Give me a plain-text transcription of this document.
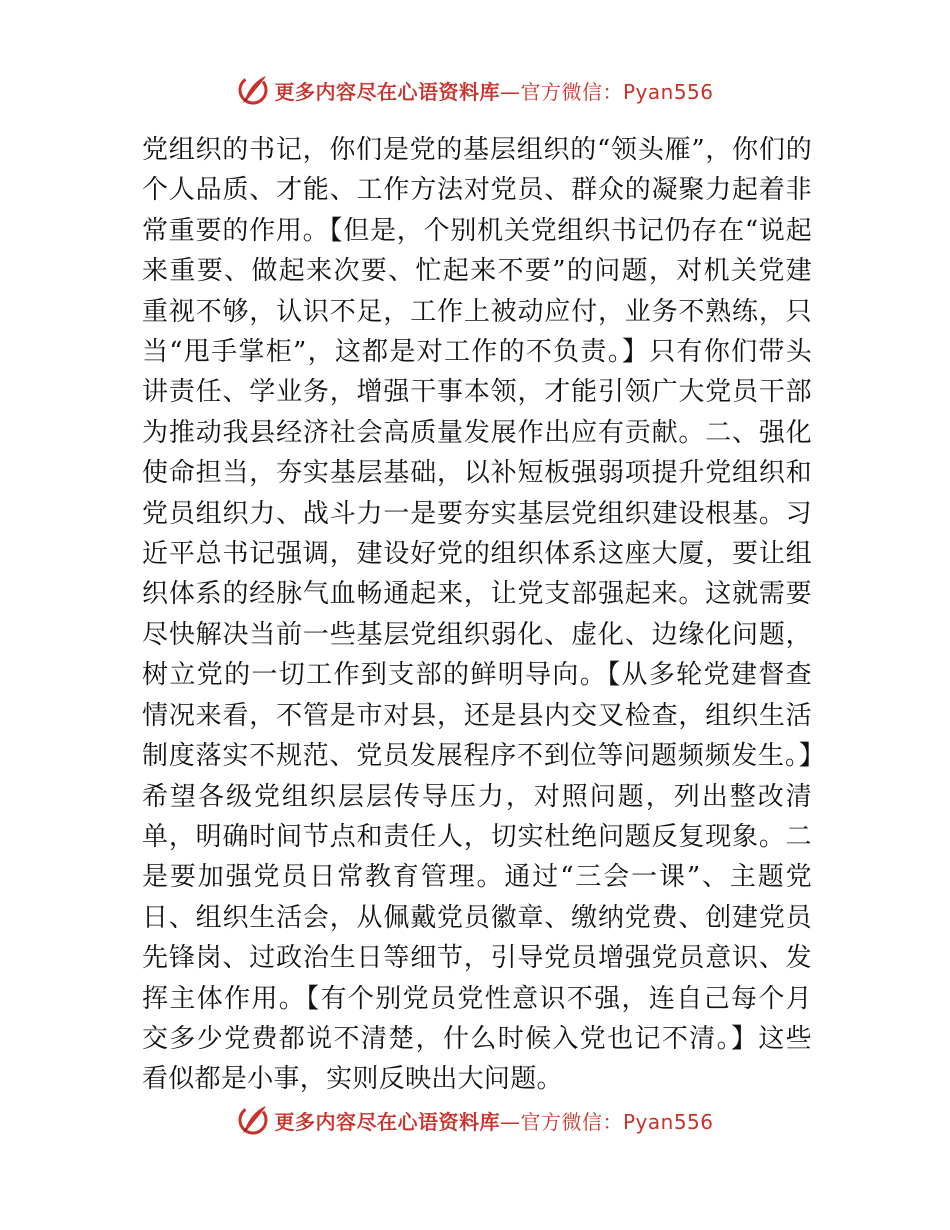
更多内容尽在心语资料库—官方微信：Pyan556
党组织的书记，你们是党的基层组织的“领头雁”，你们的个人品质、才能、工作方法对党员、群众的凝聚力起着非常重要的作用。【但是，个别机关党组织书记仍存在“说起来重要、做起来次要、忙起来不要”的问题，对机关党建重视不够，认识不足，工作上被动应付，业务不熟练，只当“甩手掌柜”，这都是对工作的不负责。】只有你们带头讲责任、学业务，增强干事本领，才能引领广大党员干部为推动我县经济社会高质量发展作出应有贡献。二、强化使命担当，夯实基层基础，以补短板强弱项提升党组织和党员组织力、战斗力一是要夯实基层党组织建设根基。习近平总书记强调，建设好党的组织体系这座大厦，要让组织体系的经脉气血畅通起来，让党支部强起来。这就需要尽快解决当前一些基层党组织弱化、虚化、边缘化问题，树立党的一切工作到支部的鲜明导向。【从多轮党建督查情况来看，不管是市对县，还是县内交叉检查，组织生活制度落实不规范、党员发展程序不到位等问题频频发生。】希望各级党组织层层传导压力，对照问题，列出整改清单，明确时间节点和责任人，切实杜绝问题反复现象。二是要加强党员日常教育管理。通过“三会一课”、主题党日、组织生活会，从佩戴党员徽章、缴纳党费、创建党员先锋岗、过政治生日等细节，引导党员增强党员意识、发挥主体作用。【有个别党员党性意识不强，连自己每个月交多少党费都说不清楚，什么时候入党也记不清。】这些看似都是小事，实则反映出大问题。
更多内容尽在心语资料库—官方微信：Pyan556
